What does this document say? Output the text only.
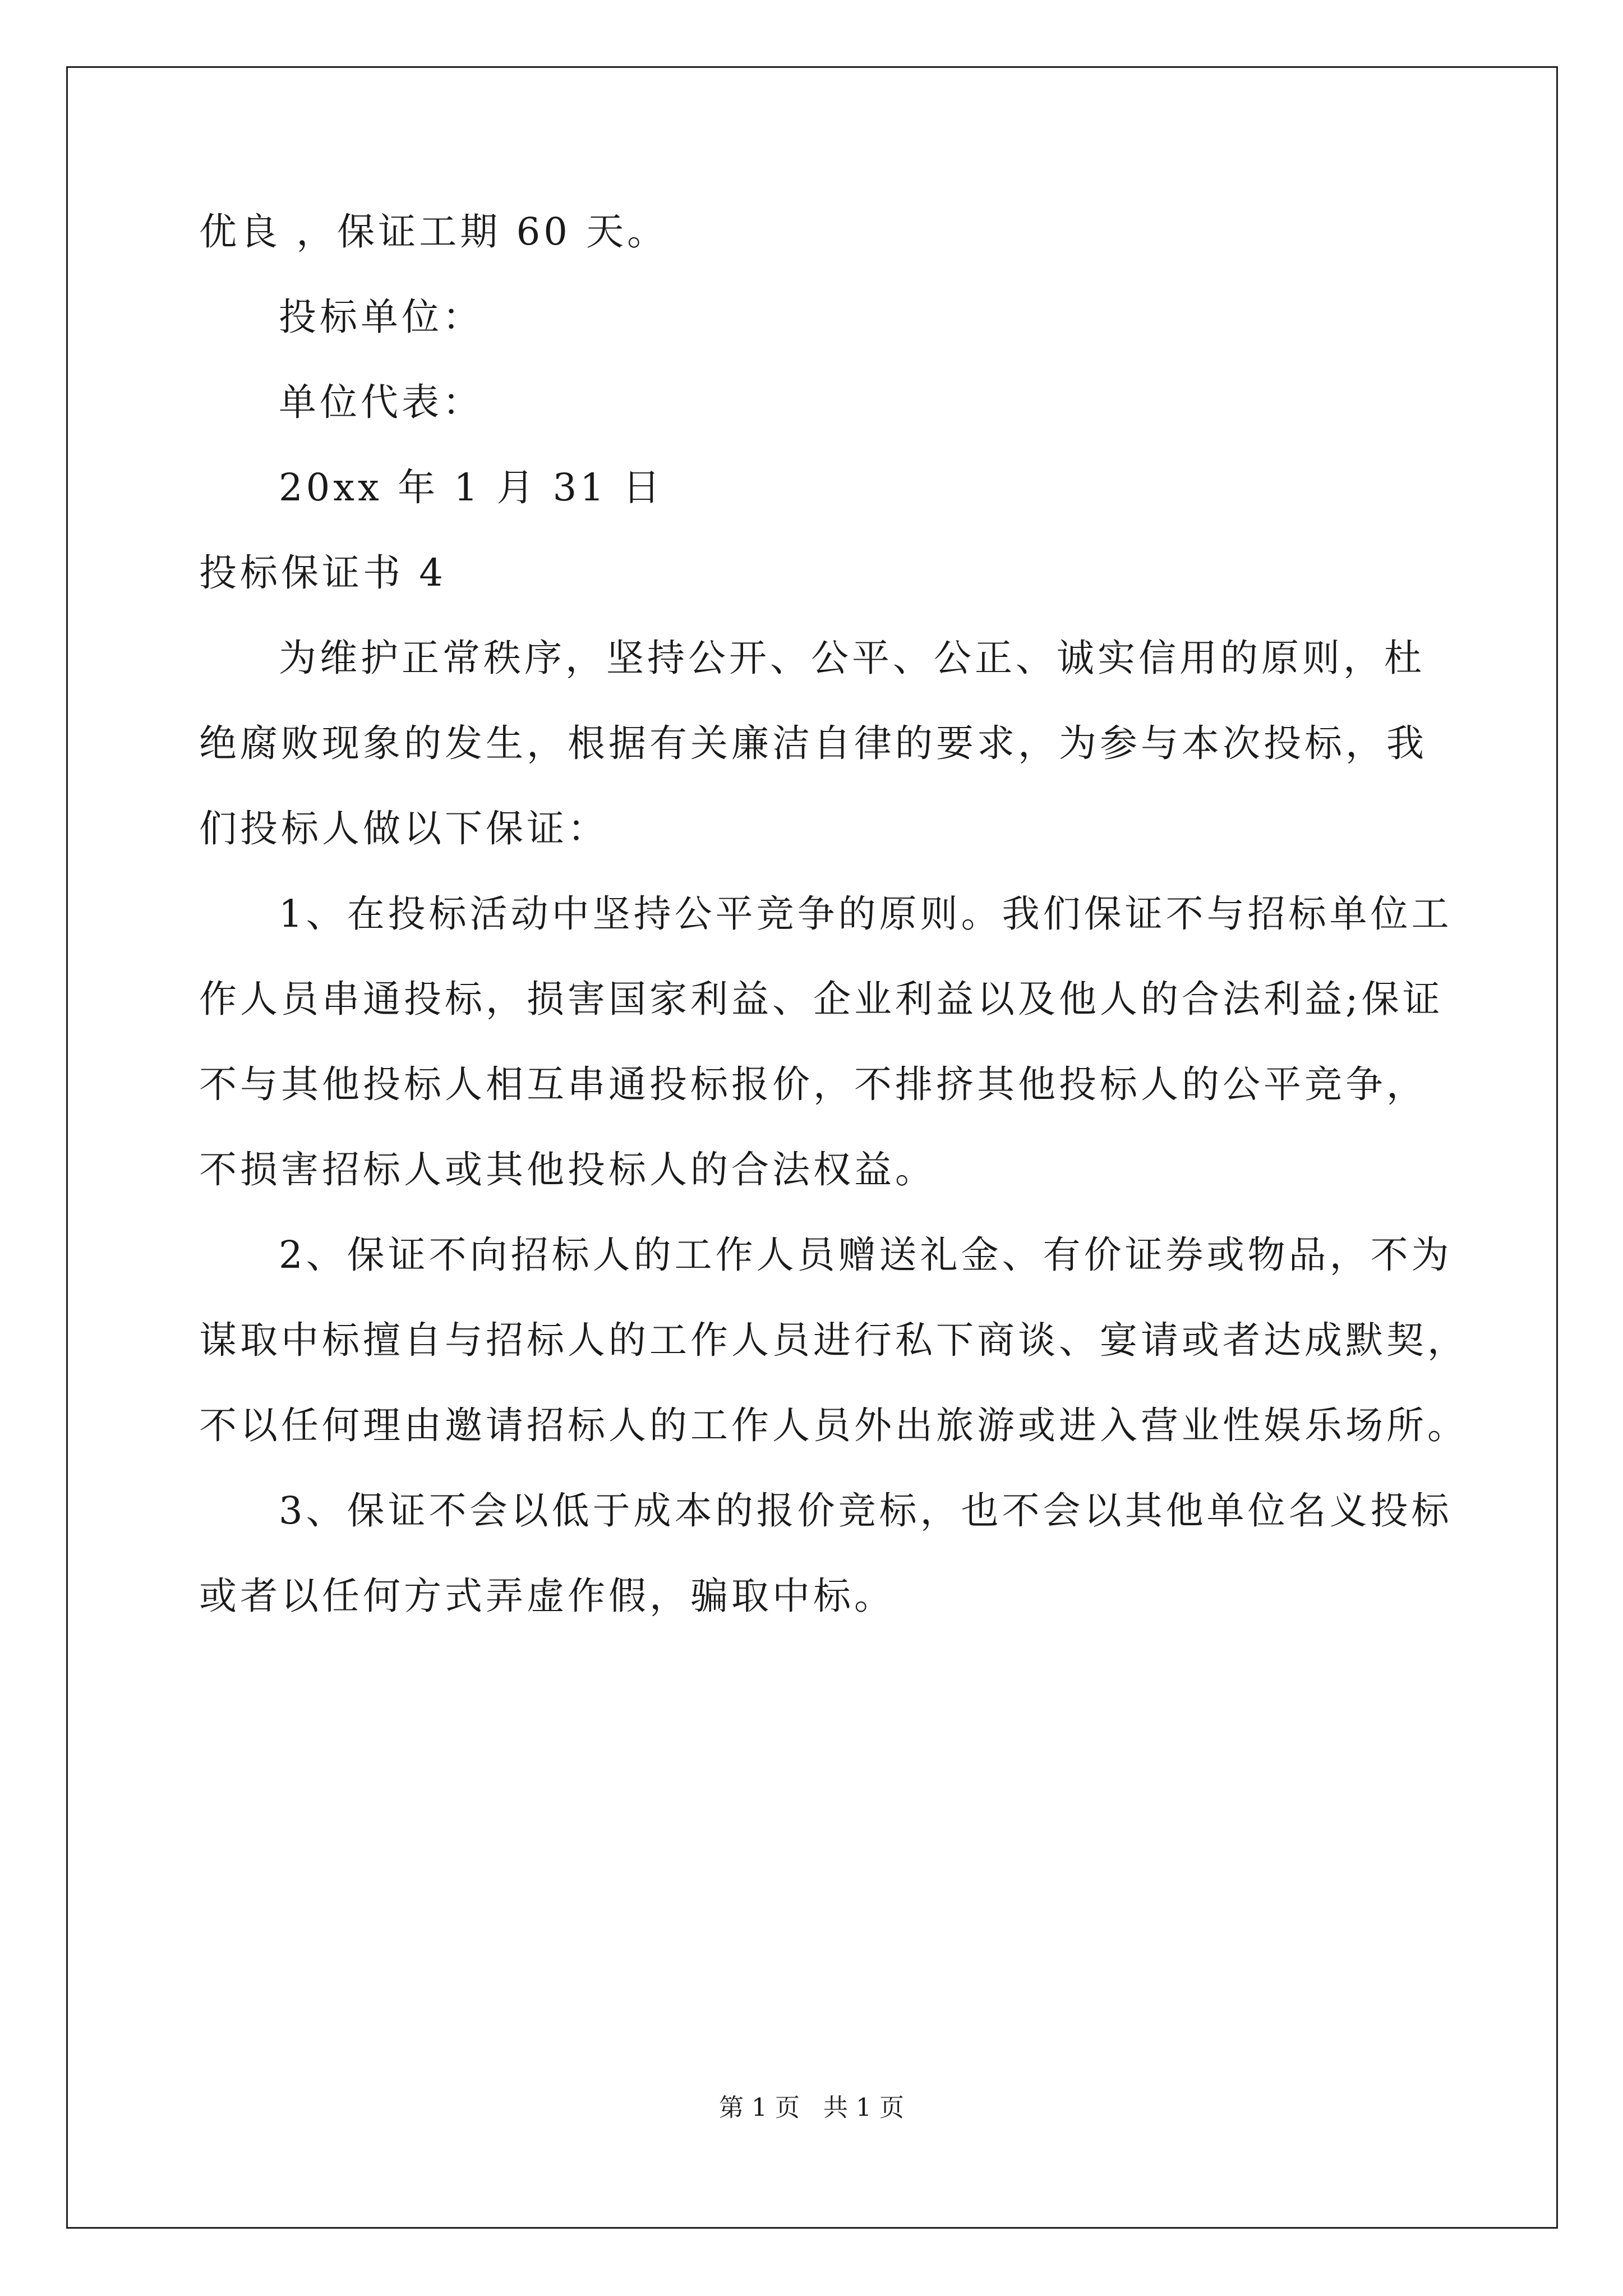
优良 ，保证工期 60 天。
投标单位：
单位代表：
20xx 年 1 月 31 日
投标保证书 4
为维护正常秩序，坚持公开、公平、公正、诚实信用的原则，杜
绝腐败现象的发生，根据有关廉洁自律的要求，为参与本次投标，我
们投标人做以下保证：
1、在投标活动中坚持公平竞争的原则。我们保证不与招标单位工
作人员串通投标，损害国家利益、企业利益以及他人的合法利益;保证
不与其他投标人相互串通投标报价，不排挤其他投标人的公平竞争，
不损害招标人或其他投标人的合法权益。
2、保证不向招标人的工作人员赠送礼金、有价证券或物品，不为
谋取中标擅自与招标人的工作人员进行私下商谈、宴请或者达成默契，
不以任何理由邀请招标人的工作人员外出旅游或进入营业性娱乐场所。
3、保证不会以低于成本的报价竞标，也不会以其他单位名义投标
或者以任何方式弄虚作假，骗取中标。
第 1 页   共 1 页
